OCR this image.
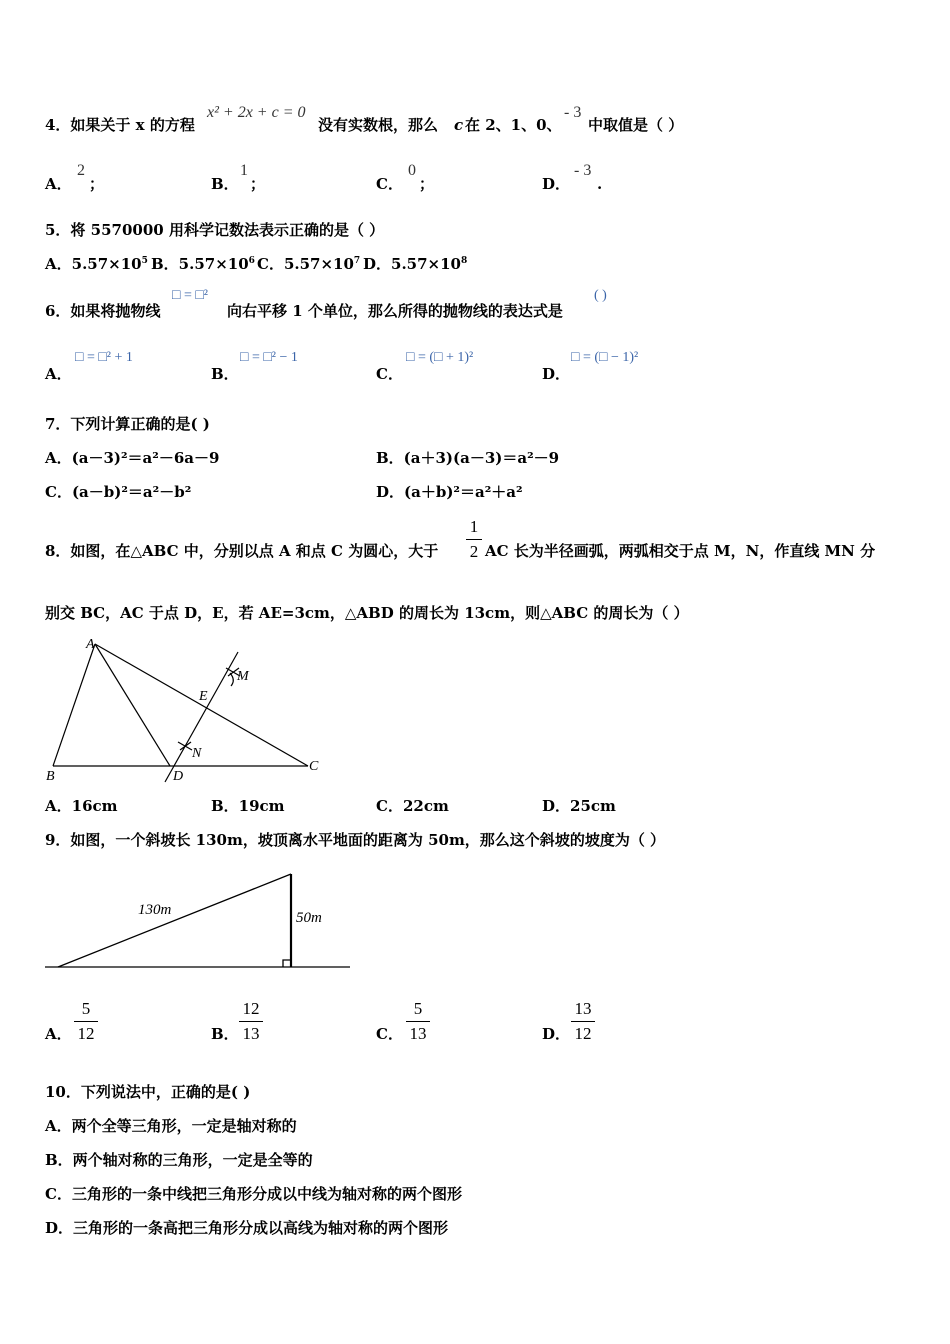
4．如果关于 x 的方程
x² + 2x + c = 0
没有实数根，那么 c 在 2、1、0、
- 3
中取值是（ ）
A．
2
；	B．
1
；	C．
0
；	D．
- 3
.
5．将 5570000 用科学记数法表示正确的是（ ）
A．$5.57\times 10^5$ B．$5.57\times 10^6$ C．$5.57\times 10^7$ D．$5.57\times 10^8$
6．如果将抛物线
□ = □²
向右平移 1 个单位，那么所得的抛物线的表达式是
( )
A．
□ = □² + 1
B．
□ = □² − 1
C．
□ = (□ + 1)²
D．
□ = (□ − 1)²
7．下列计算正确的是( )
A．(a－3)²＝a²－6a－9	B．(a＋3)(a－3)＝a²－9
C．(a－b)²＝a²－b²	D．(a＋b)²＝a²＋a²
8．如图，在△ABC 中，分别以点 A 和点 C 为圆心，大于
1
2 AC 长为半径画弧，两弧相交于点 M，N，作直线 MN 分
别交 BC，AC 于点 D，E，若 AE=3cm，△ABD 的周长为 13cm，则△ABC 的周长为（ ）
A
B
C
D
E
M
N
A．16cm	B．19cm	C．22cm	D．25cm
9．如图，一个斜坡长 130m，坡顶离水平地面的距离为 50m，那么这个斜坡的坡度为（ ）
130m	50m
A．
5
12	B．
12
13	C．
5
13	D．
13
12
10．下列说法中，正确的是( )
A．两个全等三角形，一定是轴对称的
B．两个轴对称的三角形，一定是全等的
C．三角形的一条中线把三角形分成以中线为轴对称的两个图形
D．三角形的一条高把三角形分成以高线为轴对称的两个图形
